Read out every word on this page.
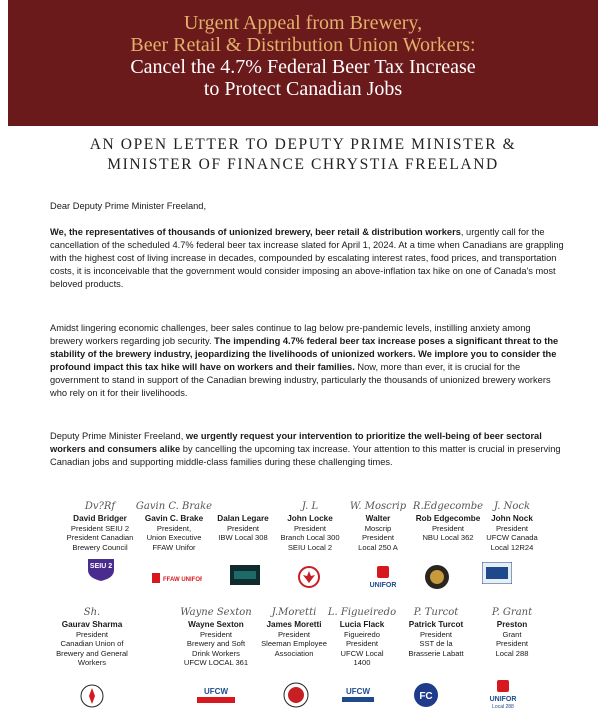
Urgent Appeal from Brewery,
Beer Retail & Distribution Union Workers:
Cancel the 4.7% Federal Beer Tax Increase
to Protect Canadian Jobs
AN OPEN LETTER TO DEPUTY PRIME MINISTER &
MINISTER OF FINANCE CHRYSTIA FREELAND
Dear Deputy Prime Minister Freeland,
We, the representatives of thousands of unionized brewery, beer retail & distribution workers, urgently call for the cancellation of the scheduled 4.7% federal beer tax increase slated for April 1, 2024. At a time when Canadians are grappling with the highest cost of living increase in decades, compounded by escalating interest rates, food prices, and transportation costs, it is inconceivable that the government would consider imposing an above-inflation tax hike on one of Canada's most beloved products.
Amidst lingering economic challenges, beer sales continue to lag below pre-pandemic levels, instilling anxiety among brewery workers regarding job security. The impending 4.7% federal beer tax increase poses a significant threat to the stability of the brewery industry, jeopardizing the livelihoods of unionized workers. We implore you to consider the profound impact this tax hike will have on workers and their families. Now, more than ever, it is crucial for the government to stand in support of the Canadian brewing industry, particularly the thousands of unionized brewery workers who rely on it for their livelihoods.
Deputy Prime Minister Freeland, we urgently request your intervention to prioritize the well-being of beer sectoral workers and consumers alike by cancelling the upcoming tax increase. Your attention to this matter is crucial in preserving Canadian jobs and supporting middle-class families during these challenging times.
Dv?Rf
David Bridger
President SEIU 2
President Canadian
Brewery Council
Gavin C. Brake
Gavin C. Brake
President,
Union Executive
FFAW Unifor
Dalan Legare
President
IBW Local 308
J. L
John Locke
President
Branch Local 300
SEIU Local 2
W. Moscrip
Walter
Moscrip
President
Local 250 A
R.Edgecombe
Rob Edgecombe
President
NBU Local 362
J. Nock
John Nock
President
UFCW Canada
Local 12R24
Sh.
Gaurav Sharma
President
Canadian Union of
Brewery and General
Workers
Wayne Sexton
Wayne Sexton
President
Brewery and Soft
Drink Workers
UFCW LOCAL 361
J.Moretti
James Moretti
President
Sleeman Employee
Association
L. Figueiredo
Lucia Flack
Figueiredo
President
UFCW Local
1400
P. Turcot
Patrick Turcot
President
SST de la
Brasserie Labatt
P. Grant
Preston
Grant
President
Local 288
SEIU 2
FFAW UNIFOR
UNIFOR
UFCW	UFCW	FC	UNIFOR
Local 288
